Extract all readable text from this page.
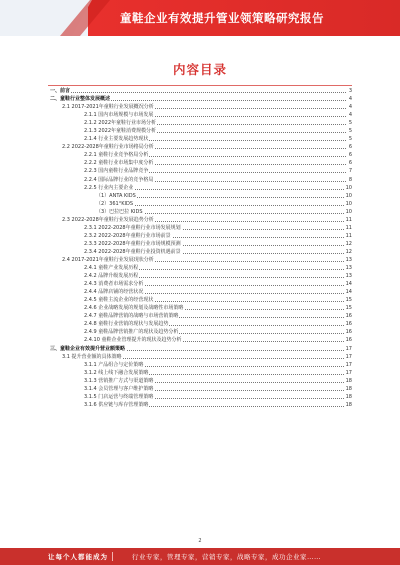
童鞋企业有效提升管业领策略研究报告
内容目录
一、前言	3
二、童鞋行业整体发展概述	4
2.1 2017-2021年童鞋行业发展概况分析	4
2.1.1 国内市场规模与市场发展	4
2.1.2 2022年童鞋行业市场分析	5
2.1.3 2022年童鞋消费规模分析	5
2.1.4 行业主要发展趋势现状	5
2.2 2022-2028年童鞋行业市场格局分析	6
2.2.1 童鞋行业竞争格局分析	6
2.2.2 童鞋行业市场集中度分析	6
2.2.3 国内童鞋行业品牌竞争	7
2.2.4 国际品牌行业的竞争格局	8
2.2.5 行业内主要企业	10
（1）ANTA KIDS	10
（2）361°KIDS	10
（3）巴拉巴拉 KIDS	10
2.3 2022-2028年童鞋行业发展趋势分析	11
2.3.1 2022-2028年童鞋行业市场发展规划	11
2.3.2 2022-2028年童鞋行业市场前景	11
2.3.3 2022-2028年童鞋行业市场规模预测	12
2.3.4 2022-2028年童鞋行业投资机遇前景	12
2.4 2017-2021年童鞋行业发展现状分析	13
2.4.1 童鞋产业发展历程	13
2.4.2 品牌升级发展历程	13
2.4.3 消费者市场需求分析	14
2.4.4 品牌店铺的经营状况	14
2.4.5 童鞋主流企业的经营现状	15
2.4.6 企业战略发展的规划及战略性市场策略	15
2.4.7 童鞋品牌营销的战略与市场营销策略	16
2.4.8 童鞋行业营销的现状与发展趋势	16
2.4.9 童鞋品牌营销推广的现状及趋势分析	16
2.4.10 童鞋企业管理提升的现状及趋势分析	16
三、童鞋企业有效提升营业额策略	17
3.1 提升营业额的具体策略	17
3.1.1 产品组合与定价策略	17
3.1.2 线上线下融合发展策略	17
3.1.3 营销推广方式与渠道策略	18
3.1.4 会员管理与客户维护策略	18
3.1.5 门店运营与终端管理策略	18
3.1.6 供应链与库存管理策略	18
2
让每个人都能成为	行业专家，管理专家，营销专家，战略专家，成功企业家……
